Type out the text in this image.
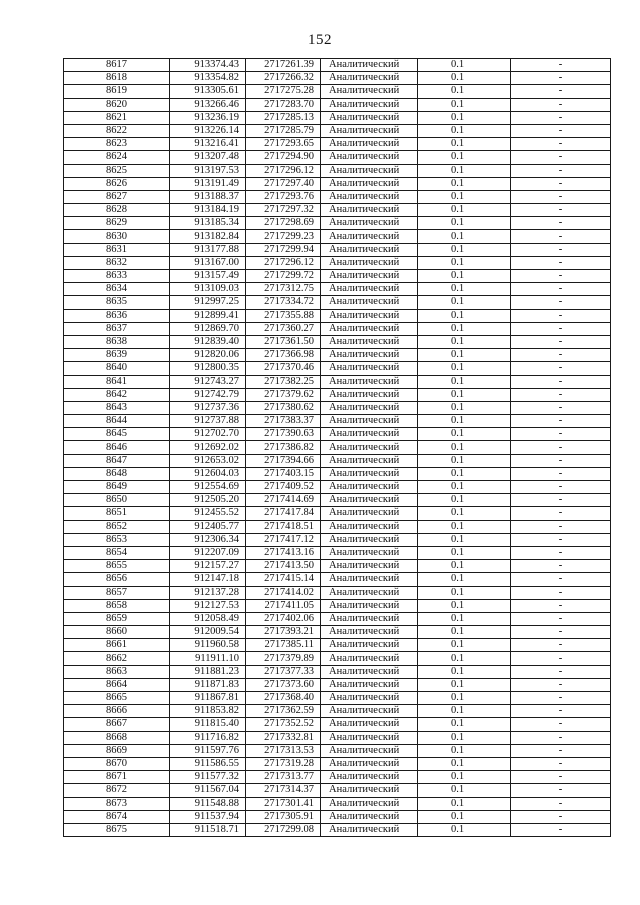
152
8617	913374.43	2717261.39	Аналитический	0.1	-
8618	913354.82	2717266.32	Аналитический	0.1	-
8619	913305.61	2717275.28	Аналитический	0.1	-
8620	913266.46	2717283.70	Аналитический	0.1	-
8621	913236.19	2717285.13	Аналитический	0.1	-
8622	913226.14	2717285.79	Аналитический	0.1	-
8623	913216.41	2717293.65	Аналитический	0.1	-
8624	913207.48	2717294.90	Аналитический	0.1	-
8625	913197.53	2717296.12	Аналитический	0.1	-
8626	913191.49	2717297.40	Аналитический	0.1	-
8627	913188.37	2717293.76	Аналитический	0.1	-
8628	913184.19	2717297.32	Аналитический	0.1	-
8629	913185.34	2717298.69	Аналитический	0.1	-
8630	913182.84	2717299.23	Аналитический	0.1	-
8631	913177.88	2717299.94	Аналитический	0.1	-
8632	913167.00	2717296.12	Аналитический	0.1	-
8633	913157.49	2717299.72	Аналитический	0.1	-
8634	913109.03	2717312.75	Аналитический	0.1	-
8635	912997.25	2717334.72	Аналитический	0.1	-
8636	912899.41	2717355.88	Аналитический	0.1	-
8637	912869.70	2717360.27	Аналитический	0.1	-
8638	912839.40	2717361.50	Аналитический	0.1	-
8639	912820.06	2717366.98	Аналитический	0.1	-
8640	912800.35	2717370.46	Аналитический	0.1	-
8641	912743.27	2717382.25	Аналитический	0.1	-
8642	912742.79	2717379.62	Аналитический	0.1	-
8643	912737.36	2717380.62	Аналитический	0.1	-
8644	912737.88	2717383.37	Аналитический	0.1	-
8645	912702.70	2717390.63	Аналитический	0.1	-
8646	912692.02	2717386.82	Аналитический	0.1	-
8647	912653.02	2717394.66	Аналитический	0.1	-
8648	912604.03	2717403.15	Аналитический	0.1	-
8649	912554.69	2717409.52	Аналитический	0.1	-
8650	912505.20	2717414.69	Аналитический	0.1	-
8651	912455.52	2717417.84	Аналитический	0.1	-
8652	912405.77	2717418.51	Аналитический	0.1	-
8653	912306.34	2717417.12	Аналитический	0.1	-
8654	912207.09	2717413.16	Аналитический	0.1	-
8655	912157.27	2717413.50	Аналитический	0.1	-
8656	912147.18	2717415.14	Аналитический	0.1	-
8657	912137.28	2717414.02	Аналитический	0.1	-
8658	912127.53	2717411.05	Аналитический	0.1	-
8659	912058.49	2717402.06	Аналитический	0.1	-
8660	912009.54	2717393.21	Аналитический	0.1	-
8661	911960.58	2717385.11	Аналитический	0.1	-
8662	911911.10	2717379.89	Аналитический	0.1	-
8663	911881.23	2717377.33	Аналитический	0.1	-
8664	911871.83	2717373.60	Аналитический	0.1	-
8665	911867.81	2717368.40	Аналитический	0.1	-
8666	911853.82	2717362.59	Аналитический	0.1	-
8667	911815.40	2717352.52	Аналитический	0.1	-
8668	911716.82	2717332.81	Аналитический	0.1	-
8669	911597.76	2717313.53	Аналитический	0.1	-
8670	911586.55	2717319.28	Аналитический	0.1	-
8671	911577.32	2717313.77	Аналитический	0.1	-
8672	911567.04	2717314.37	Аналитический	0.1	-
8673	911548.88	2717301.41	Аналитический	0.1	-
8674	911537.94	2717305.91	Аналитический	0.1	-
8675	911518.71	2717299.08	Аналитический	0.1	-
